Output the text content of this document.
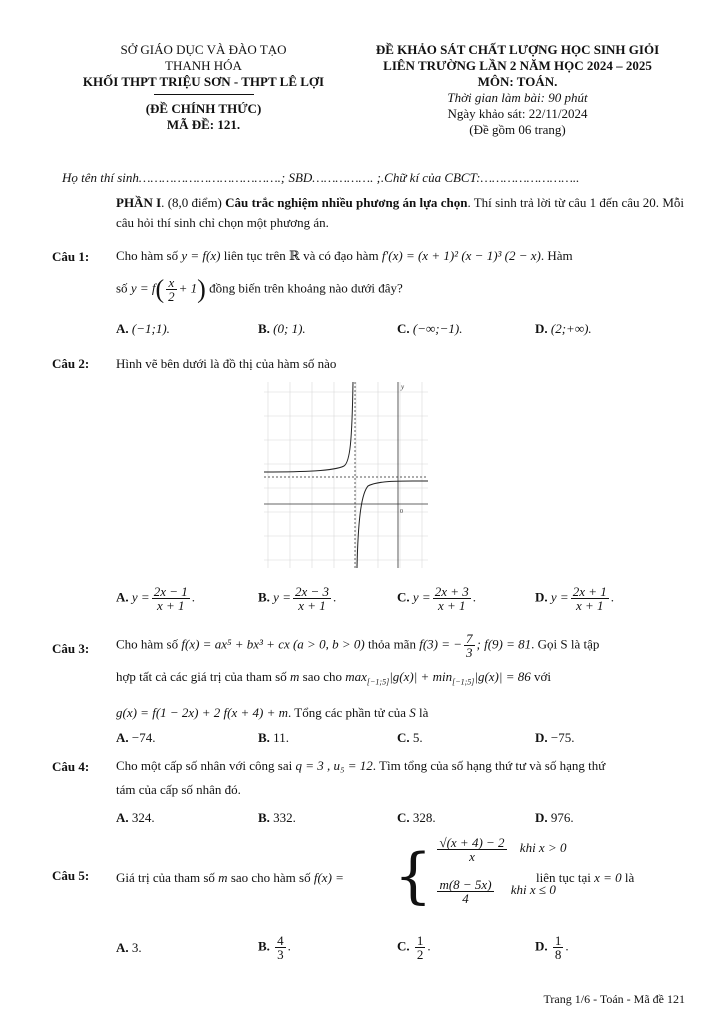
SỞ GIÁO DỤC VÀ ĐÀO TẠO
THANH HÓA
KHỐI THPT TRIỆU SƠN - THPT LÊ LỢI
(ĐỀ CHÍNH THỨC)
MÃ ĐỀ: 121.
ĐỀ KHẢO SÁT CHẤT LƯỢNG HỌC SINH GIỎI
LIÊN TRƯỜNG LẦN 2 NĂM HỌC 2024 – 2025
MÔN: TOÁN.
Thời gian làm bài: 90 phút
Ngày khảo sát: 22/11/2024
(Đề gồm 06 trang)
Họ tên thí sinh……………………………….; SBD……………. ;.Chữ kí của CBCT:……………………..
PHẦN I. (8,0 điểm) Câu trắc nghiệm nhiều phương án lựa chọn. Thí sinh trả lời từ câu 1 đến câu 20. Mỗi câu hỏi thí sinh chỉ chọn một phương án.
Câu 1: Cho hàm số y = f(x) liên tục trên ℝ và có đạo hàm f′(x) = (x + 1)² (x − 1)³ (2 − x). Hàm
số $y = f( \frac{x}{2} + 1)$ đồng biến trên khoảng nào dưới đây?
A. (−1;1).	B. (0; 1).	C. (−∞;−1).	D. (2;+∞).
Câu 2: Hình vẽ bên dưới là đồ thị của hàm số nào
y
0
A. $y = \frac{2x - 1}{x + 1}$ .	B. $y = \frac{2x - 3}{x + 1}$ .	C. $y = \frac{2x + 3}{x + 1}$ .	D. $y = \frac{2x + 1}{x + 1}$ .
Câu 3: Cho hàm số f(x) = ax⁵ + bx³ + cx (a > 0, b > 0) thỏa mãn f(3) = − $\frac{7}{3}$ ; f(9) = 81. Gọi S là tập
hợp tất cả các giá trị của tham số m sao cho $\max_{[-1;5]}|g(x)| + \min_{[-1;5]}|g(x)| = 86$ với
g(x) = f(1 − 2x) + 2 f(x + 4) + m. Tổng các phần tử của S là
A. −74.	B. 11.	C. 5.	D. −75.
Câu 4: Cho một cấp số nhân với công sai q = 3 , u₅ = 12. Tìm tổng của số hạng thứ tư và số hạng thứ
tám của cấp số nhân đó.
A. 324.	B. 332.	C. 328.	D. 976.
Câu 5: Giá trị của tham số m sao cho hàm số f(x) = { $\frac{√(x + 4) - 2}{x}$ khi x > 0
$\frac{m(8 - 5x)}{4}$ khi x ≤ 0
liên tục tại x = 0 là
A. 3.	B. $\frac{4}{3}$ .	C. $\frac{1}{2}$ .	D. $\frac{1}{8}$ .
Trang 1/6 - Toán - Mã đề 121
